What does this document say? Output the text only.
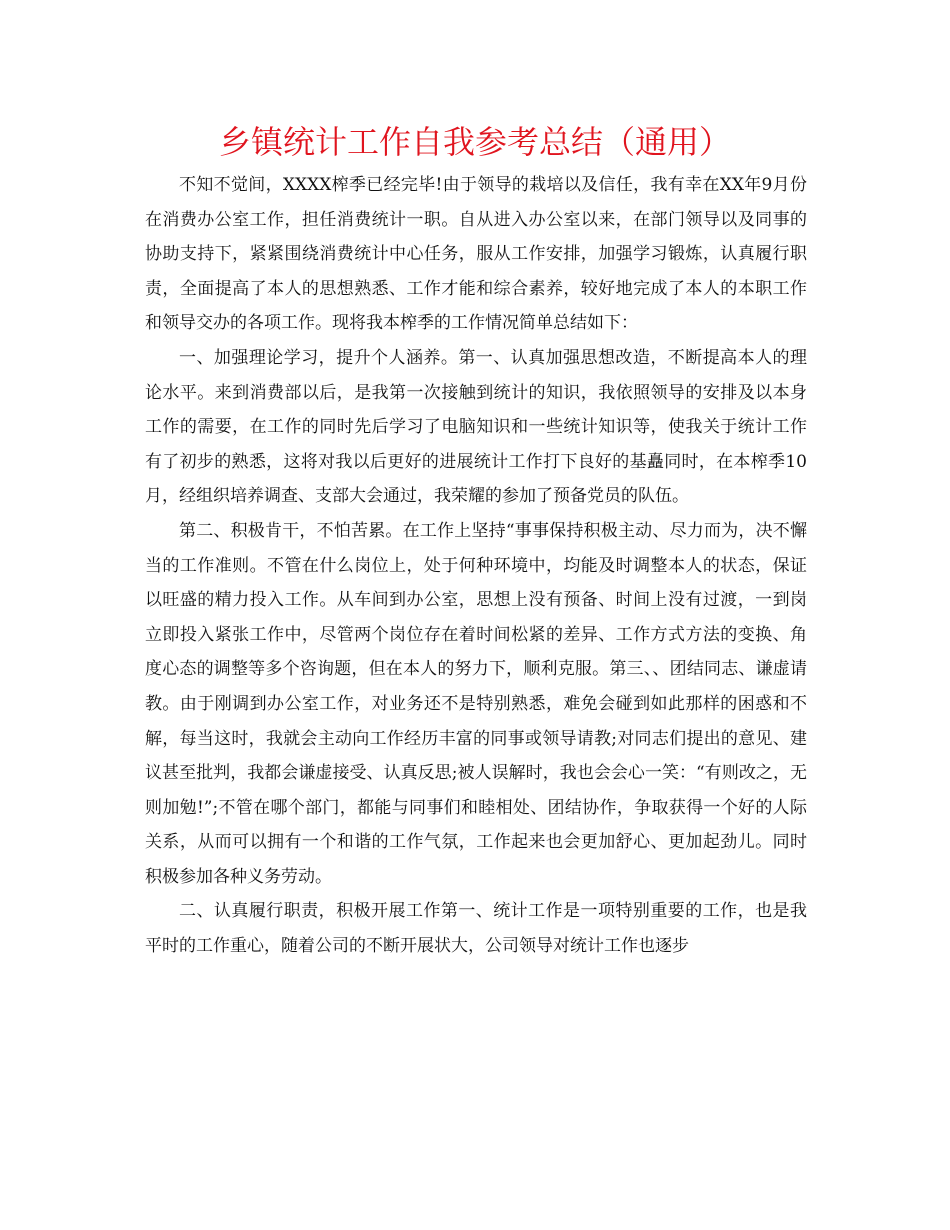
乡镇统计工作自我参考总结（通用）

不知不觉间，XXXX榨季已经完毕!由于领导的栽培以及信任，我有幸在XX年9月份在消费办公室工作，担任消费统计一职。自从进入办公室以来，在部门领导以及同事的协助支持下，紧紧围绕消费统计中心任务，服从工作安排，加强学习锻炼，认真履行职责，全面提高了本人的思想熟悉、工作才能和综合素养，较好地完成了本人的本职工作和领导交办的各项工作。现将我本榨季的工作情况简单总结如下：

一、加强理论学习，提升个人涵养。第一、认真加强思想改造，不断提高本人的理论水平。来到消费部以后，是我第一次接触到统计的知识，我依照领导的安排及以本身工作的需要，在工作的同时先后学习了电脑知识和一些统计知识等，使我关于统计工作有了初步的熟悉，这将对我以后更好的进展统计工作打下良好的基矗同时，在本榨季10月，经组织培养调查、支部大会通过，我荣耀的参加了预备党员的队伍。

第二、积极肯干，不怕苦累。在工作上坚持“事事保持积极主动、尽力而为，决不懈当的工作准则。不管在什么岗位上，处于何种环境中，均能及时调整本人的状态，保证以旺盛的精力投入工作。从车间到办公室，思想上没有预备、时间上没有过渡，一到岗立即投入紧张工作中，尽管两个岗位存在着时间松紧的差异、工作方式方法的变换、角度心态的调整等多个咨询题，但在本人的努力下，顺利克服。第三、、团结同志、谦虚请教。由于刚调到办公室工作，对业务还不是特别熟悉，难免会碰到如此那样的困惑和不解，每当这时，我就会主动向工作经历丰富的同事或领导请教;对同志们提出的意见、建议甚至批判，我都会谦虚接受、认真反思;被人误解时，我也会会心一笑：“有则改之，无则加勉!”;不管在哪个部门，都能与同事们和睦相处、团结协作，争取获得一个好的人际关系，从而可以拥有一个和谐的工作气氛，工作起来也会更加舒心、更加起劲儿。同时积极参加各种义务劳动。

二、认真履行职责，积极开展工作第一、统计工作是一项特别重要的工作，也是我平时的工作重心，随着公司的不断开展状大，公司领导对统计工作也逐步
